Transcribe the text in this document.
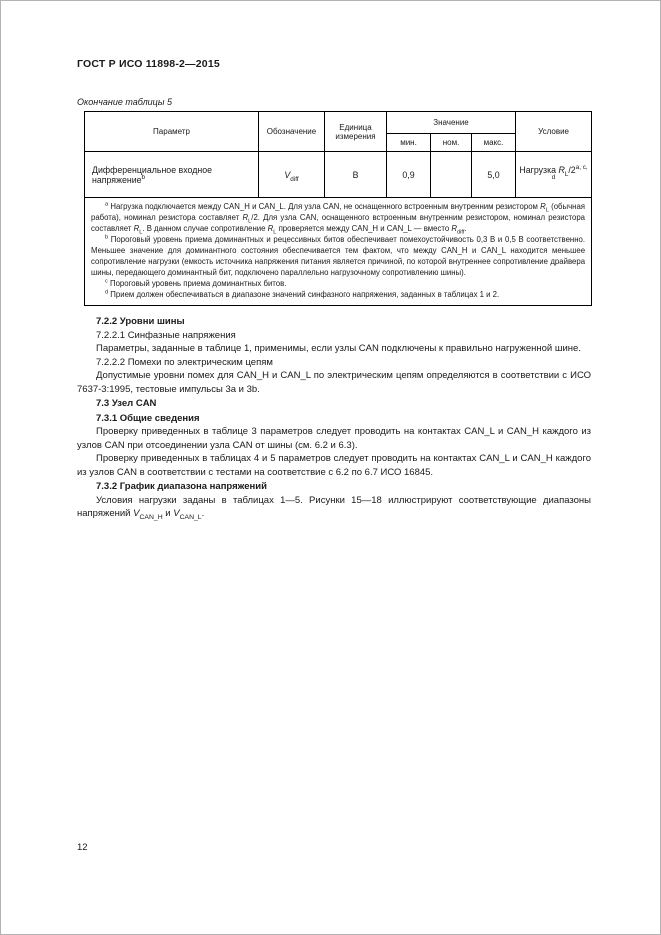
ГОСТ Р ИСО 11898-2—2015
Окончание таблицы 5
Параметр	Обозначение	Единица измерения	Значение			Условие
			мин.	ном.	макс.	
Дифференциальное входное напряжение$^b$	$V_{diff}$	В	0,9		5,0	Нагрузка $R_L/2^{a, c, d}$

$^a$ Нагрузка подключается между CAN_H и CAN_L. Для узла CAN, не оснащенного встроенным внутренним резистором $R_L$ (обычная работа), номинал резистора составляет $R_L/2$. Для узла CAN, оснащенного встроенным внутренним резистором, номинал резистора составляет $R_L$. В данном случае сопротивление $R_L$ проверяется между CAN_H и CAN_L — вместо $R_{diff}$.

$^b$ Пороговый уровень приема доминантных и рецессивных битов обеспечивает помехоустойчивость 0,3 В и 0,5 В соответственно. Меньшее значение для доминантного состояния обеспечивается тем фактом, что между CAN_H и CAN_L находится меньшее сопротивление нагрузки (емкость источника напряжения питания является причиной, по которой внутреннее сопротивление драйвера шины, передающего доминантный бит, подключено параллельно нагрузочному сопротивлению шины).

$^c$ Пороговый уровень приема доминантных битов.

$^d$ Прием должен обеспечиваться в диапазоне значений синфазного напряжения, заданных в таблицах 1 и 2.						

7.2.2 Уровни шины

7.2.2.1 Синфазные напряжения

Параметры, заданные в таблице 1, применимы, если узлы CAN подключены к правильно нагруженной шине.

7.2.2.2 Помехи по электрическим цепям

Допустимые уровни помех для CAN_H и CAN_L по электрическим цепям определяются в соответствии с ИСО 7637-3:1995, тестовые импульсы 3a и 3b.

7.3 Узел CAN

7.3.1 Общие сведения

Проверку приведенных в таблице 3 параметров следует проводить на контактах CAN_L и CAN_H каждого из узлов CAN при отсоединении узла CAN от шины (см. 6.2 и 6.3).

Проверку приведенных в таблицах 4 и 5 параметров следует проводить на контактах CAN_L и CAN_H каждого из узлов CAN в соответствии с тестами на соответствие с 6.2 по 6.7 ИСО 16845.

7.3.2 График диапазона напряжений

Условия нагрузки заданы в таблицах 1—5. Рисунки 15—18 иллюстрируют соответствующие диапазоны напряжений $V_{CAN\_H}$ и $V_{CAN\_L}$.

12
